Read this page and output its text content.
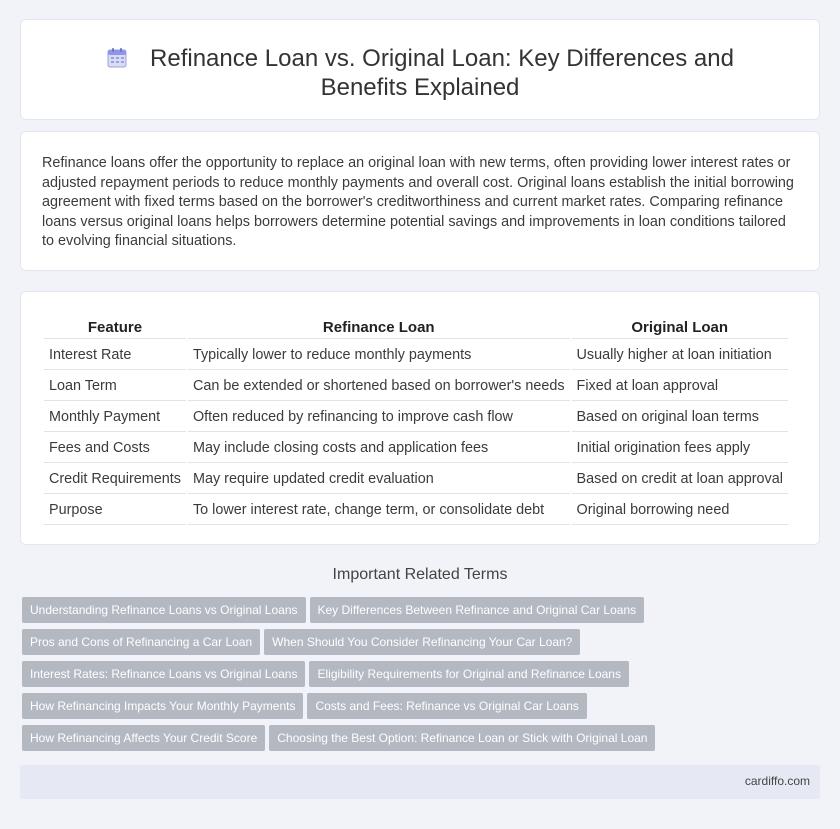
Refinance Loan vs. Original Loan: Key Differences and Benefits Explained

Refinance loans offer the opportunity to replace an original loan with new terms, often providing lower interest rates or adjusted repayment periods to reduce monthly payments and overall cost. Original loans establish the initial borrowing agreement with fixed terms based on the borrower's creditworthiness and current market rates. Comparing refinance loans versus original loans helps borrowers determine potential savings and improvements in loan conditions tailored to evolving financial situations.

Feature	Refinance Loan	Original Loan
Interest Rate	Typically lower to reduce monthly payments	Usually higher at loan initiation
Loan Term	Can be extended or shortened based on borrower's needs	Fixed at loan approval
Monthly Payment	Often reduced by refinancing to improve cash flow	Based on original loan terms
Fees and Costs	May include closing costs and application fees	Initial origination fees apply
Credit Requirements	May require updated credit evaluation	Based on credit at loan approval
Purpose	To lower interest rate, change term, or consolidate debt	Original borrowing need
Important Related Terms
Understanding Refinance Loans vs Original Loans Key Differences Between Refinance and Original Car Loans
Pros and Cons of Refinancing a Car Loan When Should You Consider Refinancing Your Car Loan?
Interest Rates: Refinance Loans vs Original Loans Eligibility Requirements for Original and Refinance Loans
How Refinancing Impacts Your Monthly Payments Costs and Fees: Refinance vs Original Car Loans
How Refinancing Affects Your Credit Score Choosing the Best Option: Refinance Loan or Stick with Original Loan
cardiffo.com
